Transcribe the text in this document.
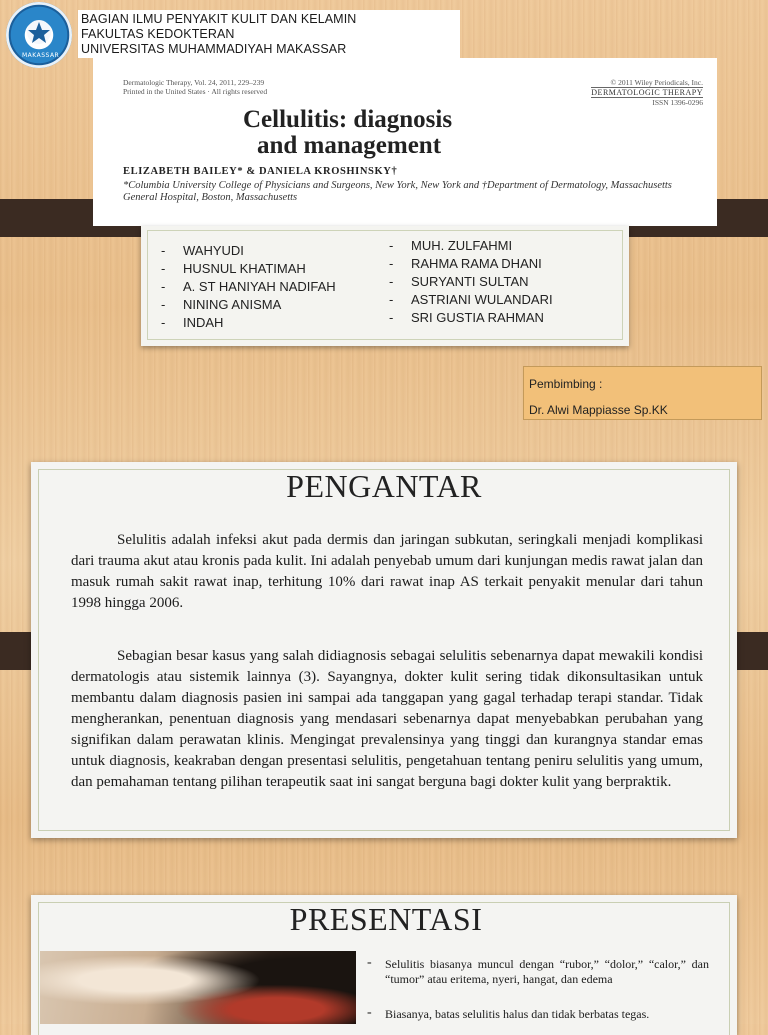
MAKASSAR
BAGIAN ILMU PENYAKIT KULIT DAN KELAMIN
FAKULTAS KEDOKTERAN
UNIVERSITAS MUHAMMADIYAH MAKASSAR
Dermatologic Therapy, Vol. 24, 2011, 229–239
Printed in the United States · All rights reserved
© 2011 Wiley Periodicals, Inc.
DERMATOLOGIC THERAPY
ISSN 1396-0296
Cellulitis: diagnosis
and management
ELIZABETH BAILEY* & DANIELA KROSHINSKY†
*Columbia University College of Physicians and Surgeons, New York, New York and †Department of Dermatology, Massachusetts General Hospital, Boston, Massachusetts
- WAHYUDI
- HUSNUL KHATIMAH
- A. ST HANIYAH NADIFAH
- NINING ANISMA
- INDAH
- MUH. ZULFAHMI
- RAHMA RAMA DHANI
- SURYANTI SULTAN
- ASTRIANI WULANDARI
- SRI GUSTIA RAHMAN
Pembimbing :
Dr. Alwi Mappiasse Sp.KK
PENGANTAR
Selulitis adalah infeksi akut pada dermis dan jaringan subkutan, seringkali menjadi komplikasi dari trauma akut atau kronis pada kulit. Ini adalah penyebab umum dari kunjungan medis rawat jalan dan masuk rumah sakit rawat inap, terhitung 10% dari rawat inap AS terkait penyakit menular dari tahun 1998 hingga 2006.
Sebagian besar kasus yang salah didiagnosis sebagai selulitis sebenarnya dapat mewakili kondisi dermatologis atau sistemik lainnya (3). Sayangnya, dokter kulit sering tidak dikonsultasikan untuk membantu dalam diagnosis pasien ini sampai ada tanggapan yang gagal terhadap terapi standar. Tidak mengherankan, penentuan diagnosis yang mendasari sebenarnya dapat menyebabkan perubahan yang signifikan dalam perawatan klinis. Mengingat prevalensinya yang tinggi dan kurangnya standar emas untuk diagnosis, keakraban dengan presentasi selulitis, pengetahuan tentang peniru selulitis yang umum, dan pemahaman tentang pilihan terapeutik saat ini sangat berguna bagi dokter kulit yang berpraktik.
PRESENTASI
- Selulitis biasanya muncul dengan “rubor,” “dolor,” “calor,” dan “tumor” atau eritema, nyeri, hangat, dan edema
- Biasanya, batas selulitis halus dan tidak berbatas tegas.
